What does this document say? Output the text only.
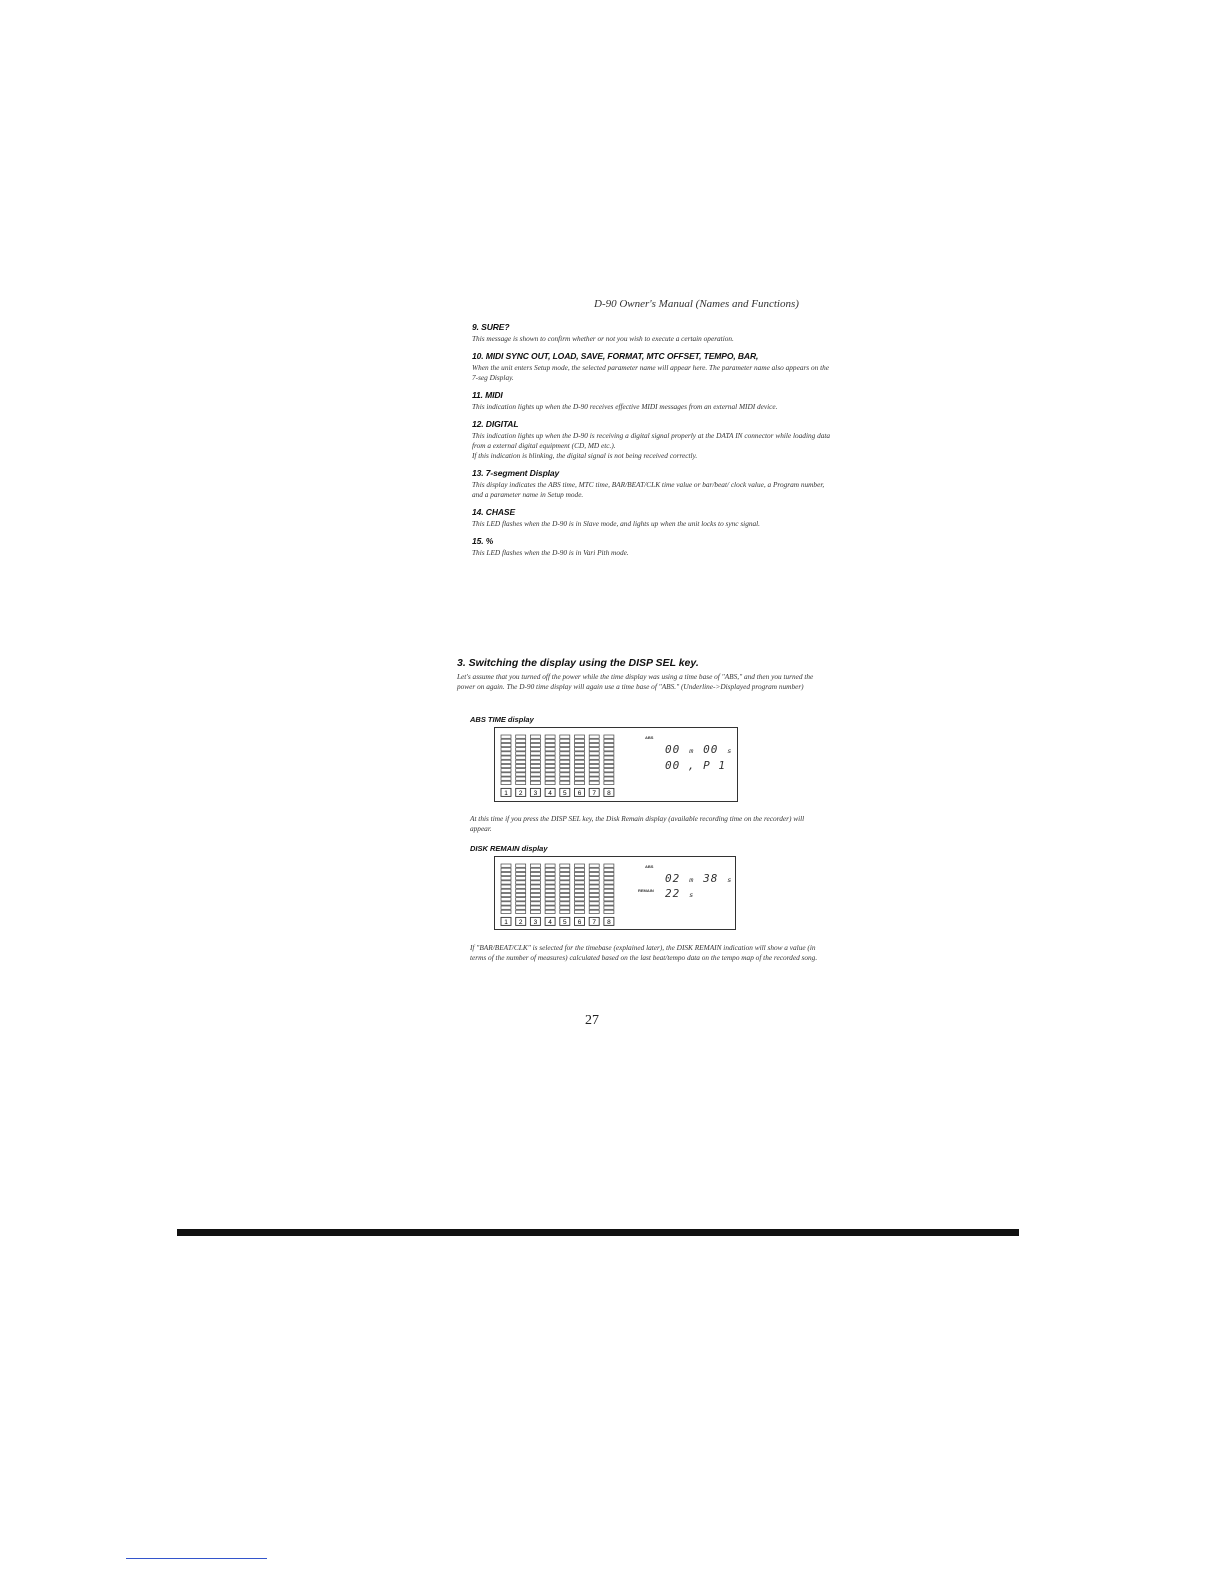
D-90 Owner's Manual (Names and Functions)
9. SURE?
This message is shown to confirm whether or not you wish to execute a certain operation.
10. MIDI SYNC OUT, LOAD, SAVE, FORMAT, MTC OFFSET, TEMPO, BAR,
When the unit enters Setup mode, the selected parameter name will appear here. The parameter name also appears on the 7-seg Display.
11. MIDI
This indication lights up when the D-90 receives effective MIDI messages from an external MIDI device.
12. DIGITAL
This indication lights up when the D-90 is receiving a digital signal properly at the DATA IN connector while loading data from a external digital equipment (CD, MD etc.).
If this indication is blinking, the digital signal is not being received correctly.
13. 7-segment Display
This display indicates the ABS time, MTC time, BAR/BEAT/CLK time value or bar/beat/ clock value, a Program number, and a parameter name in Setup mode.
14. CHASE
This LED flashes when the D-90 is in Slave mode, and lights up when the unit locks to sync signal.
15. %
This LED flashes when the D-90 is in Vari Pith mode.
3. Switching the display using the DISP SEL key.
Let's assume that you turned off the power while the time display was using a time base of "ABS," and then you turned the power on again. The D-90 time display will again use a time base of "ABS." (Underline->Displayed program number)
ABS TIME display
1 2 3 4 5 6 7 8
ABS
00 ₘ 00 ₛ
00 , P 1
At this time if you press the DISP SEL key, the Disk Remain display (available recording time on the recorder) will appear.
DISK REMAIN display
1 2 3 4 5 6 7 8
ABS
REMAIN
02 ₘ 38 ₛ
22 ₛ
If "BAR/BEAT/CLK" is selected for the timebase (explained later), the DISK REMAIN indication will show a value (in terms of the number of measures) calculated based on the last beat/tempo data on the tempo map of the recorded song.
27
